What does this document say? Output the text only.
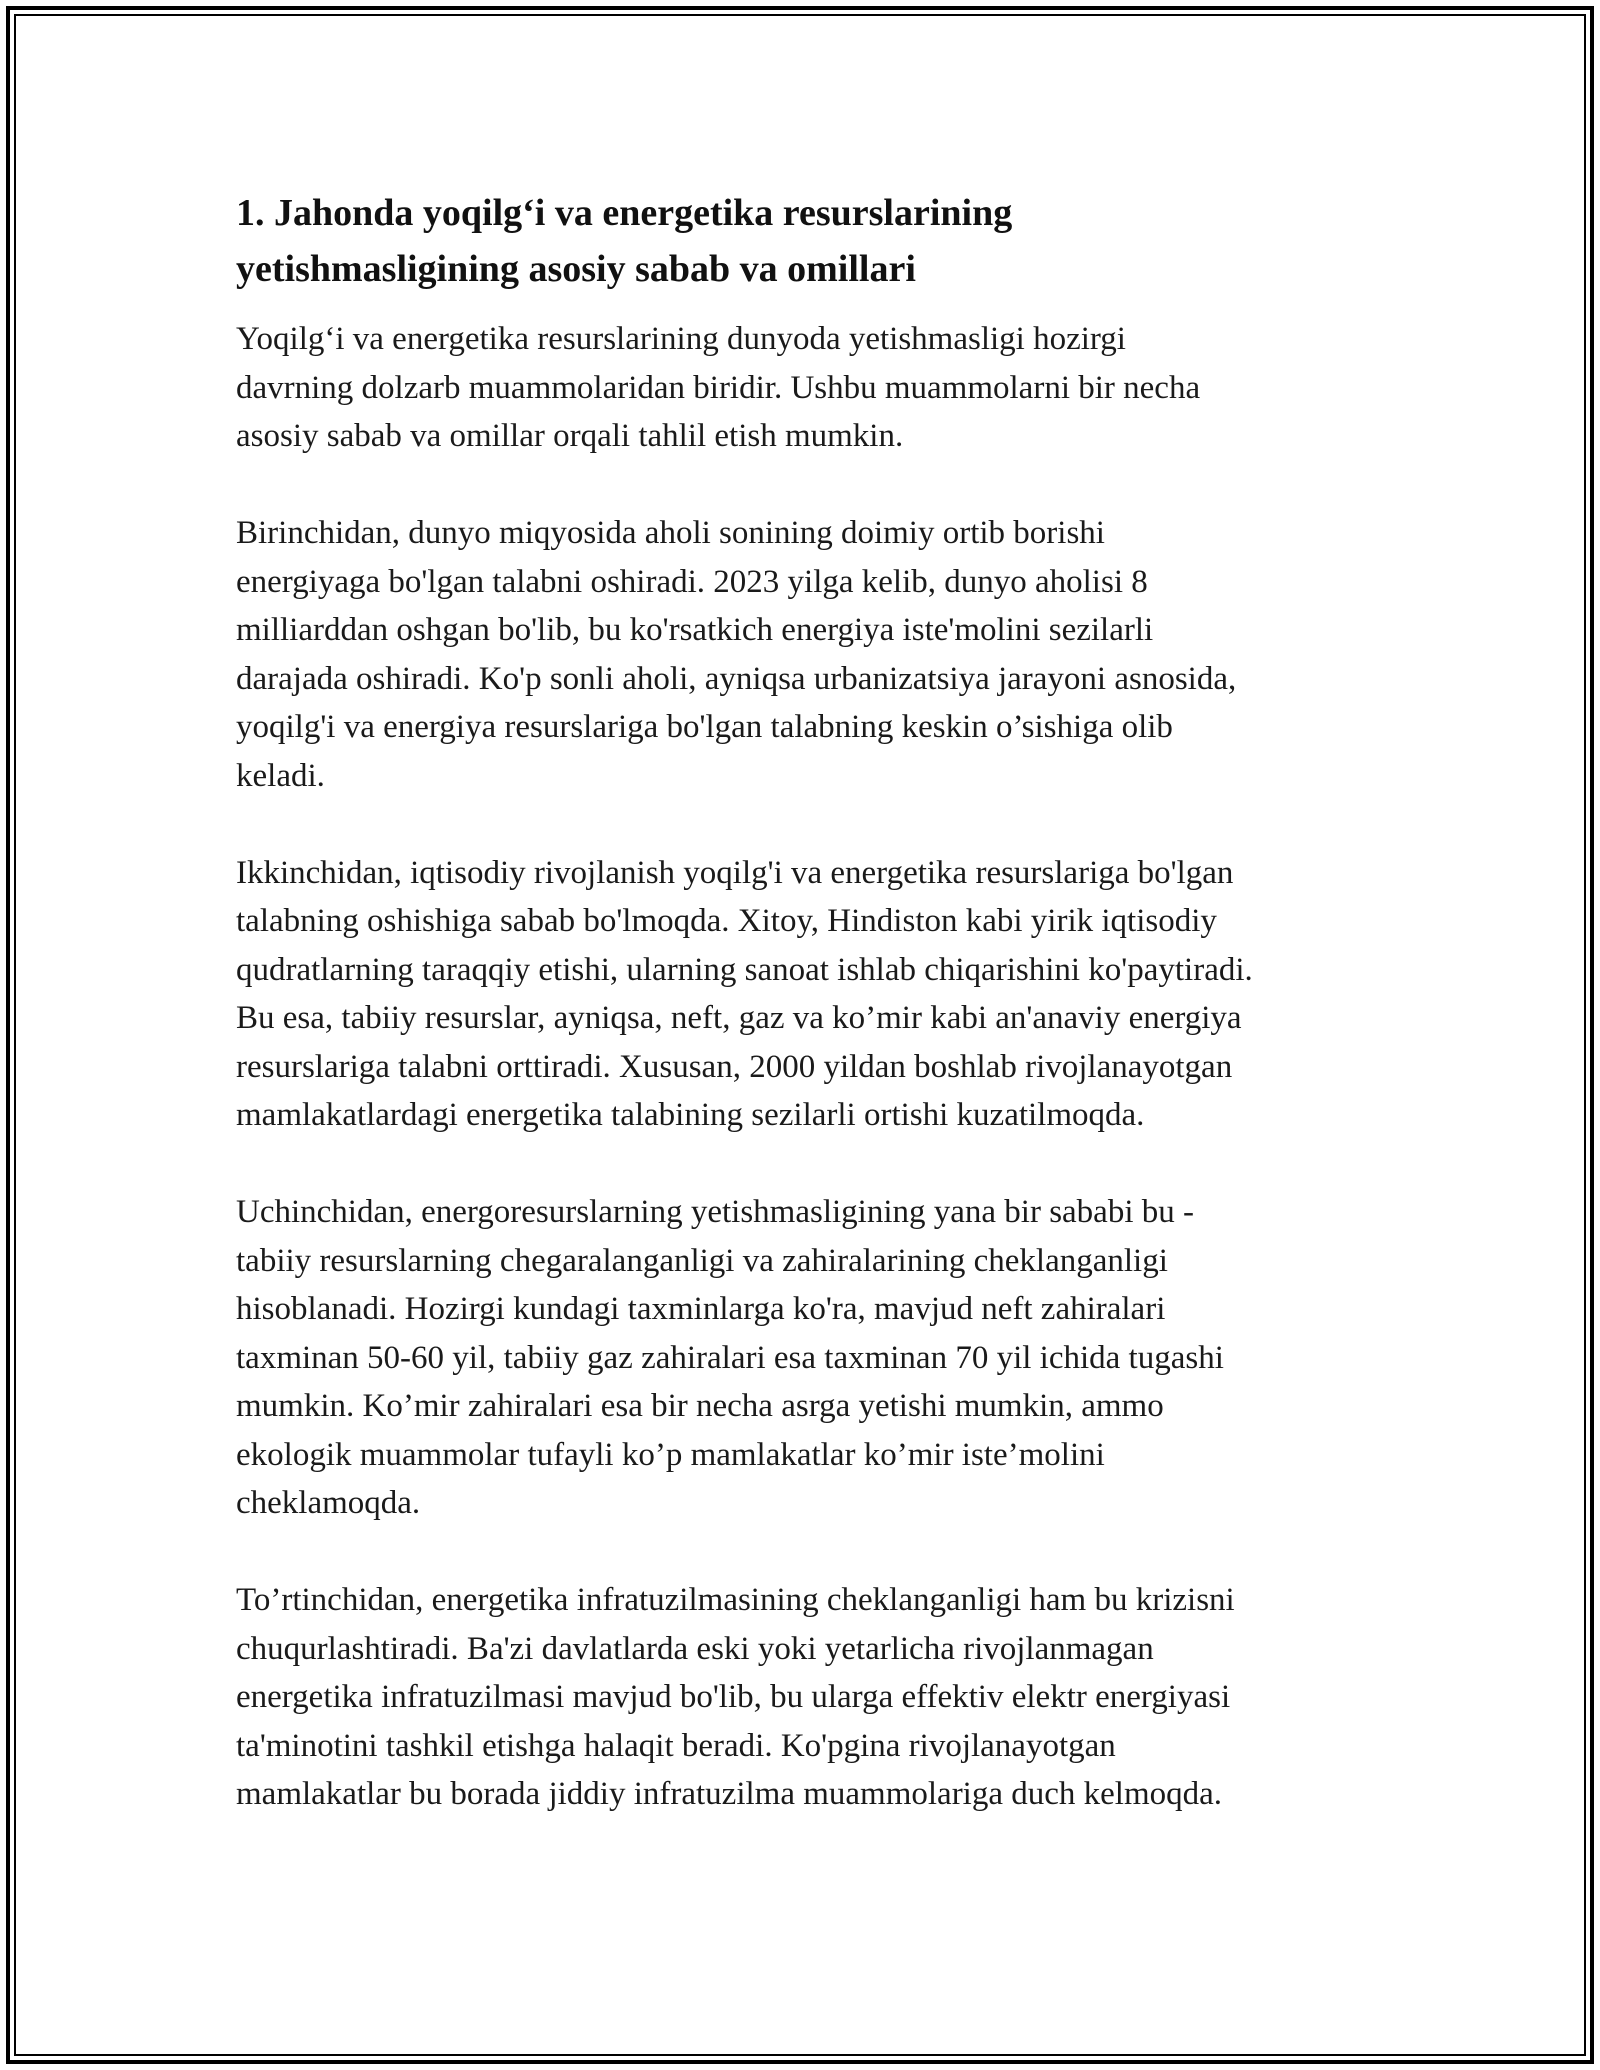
1. Jahonda yoqilg‘i va energetika resurslarining
yetishmasligining asosiy sabab va omillari

Yoqilg‘i va energetika resurslarining dunyoda yetishmasligi hozirgi
davrning dolzarb muammolaridan biridir. Ushbu muammolarni bir necha
asosiy sabab va omillar orqali tahlil etish mumkin.

Birinchidan, dunyo miqyosida aholi sonining doimiy ortib borishi
energiyaga bo'lgan talabni oshiradi. 2023 yilga kelib, dunyo aholisi 8
milliarddan oshgan bo'lib, bu ko'rsatkich energiya iste'molini sezilarli
darajada oshiradi. Ko'p sonli aholi, ayniqsa urbanizatsiya jarayoni asnosida,
yoqilg'i va energiya resurslariga bo'lgan talabning keskin o’sishiga olib
keladi.

Ikkinchidan, iqtisodiy rivojlanish yoqilg'i va energetika resurslariga bo'lgan
talabning oshishiga sabab bo'lmoqda. Xitoy, Hindiston kabi yirik iqtisodiy
qudratlarning taraqqiy etishi, ularning sanoat ishlab chiqarishini ko'paytiradi.
Bu esa, tabiiy resurslar, ayniqsa, neft, gaz va ko’mir kabi an'anaviy energiya
resurslariga talabni orttiradi. Xususan, 2000 yildan boshlab rivojlanayotgan
mamlakatlardagi energetika talabining sezilarli ortishi kuzatilmoqda.

Uchinchidan, energoresurslarning yetishmasligining yana bir sababi bu -
tabiiy resurslarning chegaralanganligi va zahiralarining cheklanganligi
hisoblanadi. Hozirgi kundagi taxminlarga ko'ra, mavjud neft zahiralari
taxminan 50-60 yil, tabiiy gaz zahiralari esa taxminan 70 yil ichida tugashi
mumkin. Ko’mir zahiralari esa bir necha asrga yetishi mumkin, ammo
ekologik muammolar tufayli ko’p mamlakatlar ko’mir iste’molini
cheklamoqda.

To’rtinchidan, energetika infratuzilmasining cheklanganligi ham bu krizisni
chuqurlashtiradi. Ba'zi davlatlarda eski yoki yetarlicha rivojlanmagan
energetika infratuzilmasi mavjud bo'lib, bu ularga effektiv elektr energiyasi
ta'minotini tashkil etishga halaqit beradi. Ko'pgina rivojlanayotgan
mamlakatlar bu borada jiddiy infratuzilma muammolariga duch kelmoqda.
